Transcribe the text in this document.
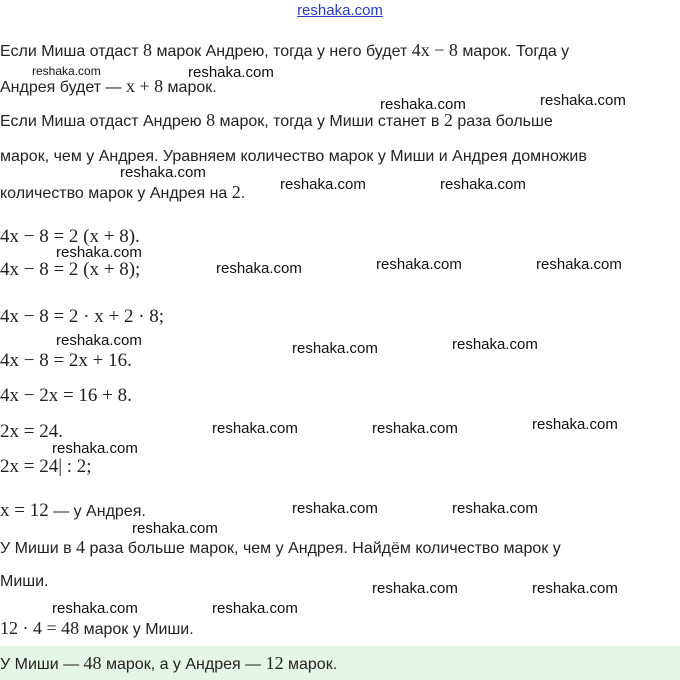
reshaka.com
Если Миша отдаст 8 марок Андрею, тогда у него будет 4x − 8 марок. Тогда у
Андрея будет — x + 8 марок.
Если Миша отдаст Андрею 8 марок, тогда у Миши станет в 2 раза больше
марок, чем у Андрея. Уравняем количество марок у Миши и Андрея домножив
количество марок у Андрея на 2.
4x − 8 = 2 (x + 8).
4x − 8 = 2 (x + 8);
4x − 8 = 2 · x + 2 · 8;
4x − 8 = 2x + 16.
4x − 2x = 16 + 8.
2x = 24.
2x = 24| : 2;
x = 12 — у Андрея.
У Миши в 4 раза больше марок, чем у Андрея. Найдём количество марок у
Миши.
12 · 4 = 48 марок у Миши.
У Миши — 48 марок, а у Андрея — 12 марок.
reshaka.com	reshaka.com
reshaka.com	reshaka.com
reshaka.com
reshaka.com	reshaka.com
reshaka.com
reshaka.com	reshaka.com	reshaka.com
reshaka.com	reshaka.com	reshaka.com
reshaka.com	reshaka.com	reshaka.com
reshaka.com
reshaka.com	reshaka.com
reshaka.com
reshaka.com	reshaka.com
reshaka.com	reshaka.com
